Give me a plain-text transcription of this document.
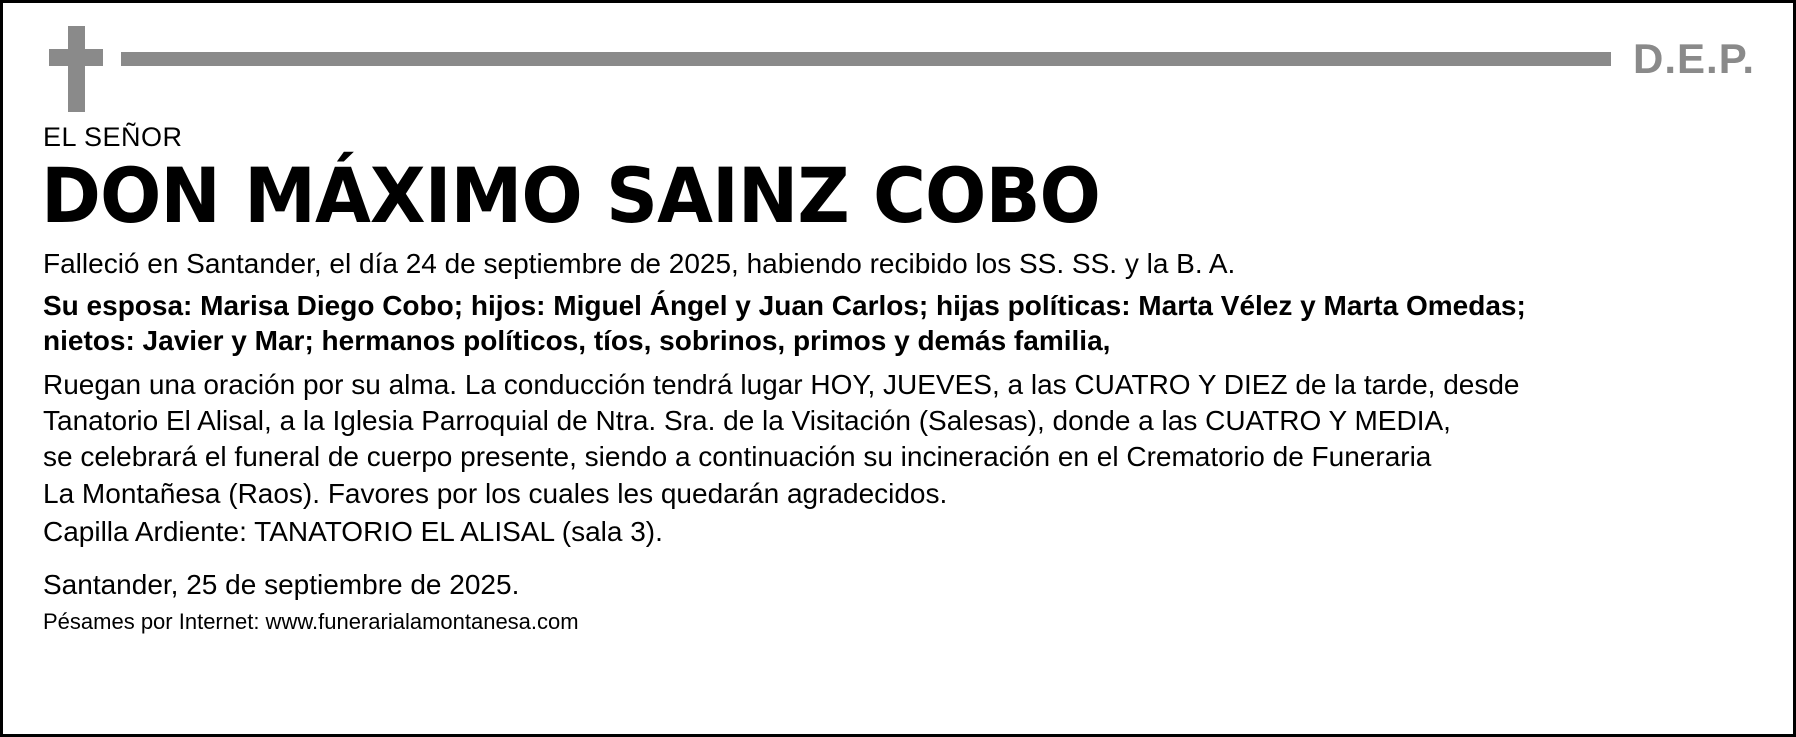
D.E.P.
EL SEÑOR
DON MÁXIMO SAINZ COBO
Falleció en Santander, el día 24 de septiembre de 2025, habiendo recibido los SS. SS. y la B. A.
Su esposa: Marisa Diego Cobo; hijos: Miguel Ángel y Juan Carlos; hijas políticas: Marta Vélez y Marta Omedas;
nietos: Javier y Mar; hermanos políticos, tíos, sobrinos, primos y demás familia,
Ruegan una oración por su alma. La conducción tendrá lugar HOY, JUEVES, a las CUATRO Y DIEZ de la tarde, desde
Tanatorio El Alisal, a la Iglesia Parroquial de Ntra. Sra. de la Visitación (Salesas), donde a las CUATRO Y MEDIA,
se celebrará el funeral de cuerpo presente, siendo a continuación su incineración en el Crematorio de Funeraria
La Montañesa (Raos). Favores por los cuales les quedarán agradecidos.
Capilla Ardiente: TANATORIO EL ALISAL (sala 3).
Santander, 25 de septiembre de 2025.
Pésames por Internet: www.funerarialamontanesa.com
